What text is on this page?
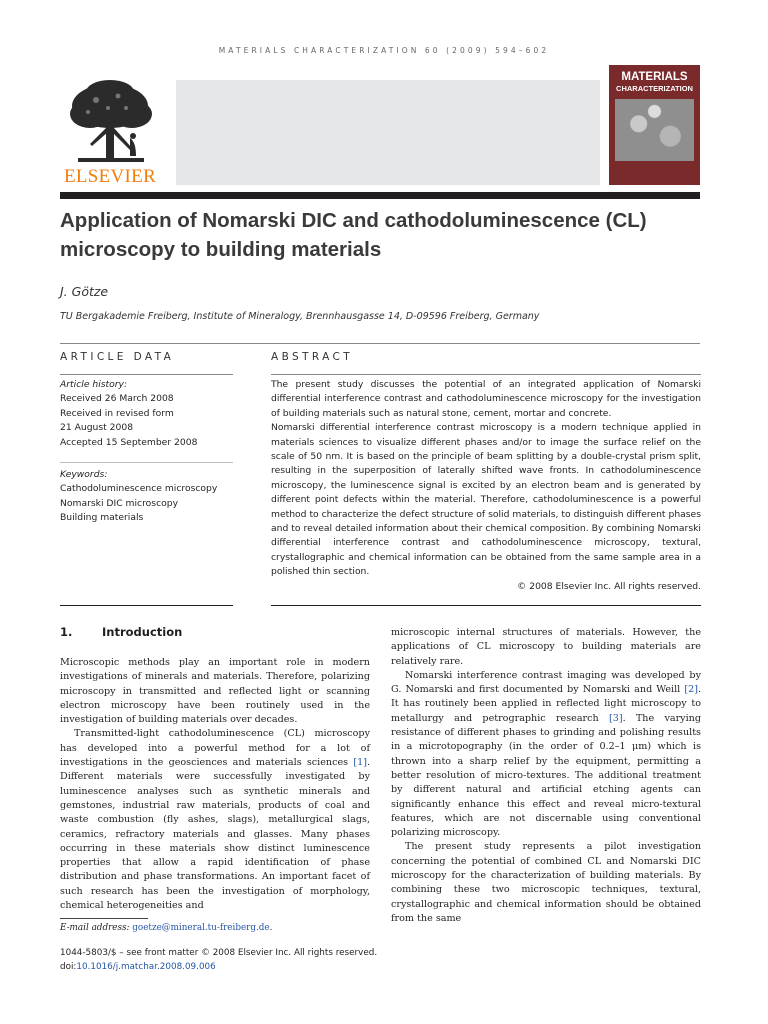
MATERIALS CHARACTERIZATION 60 (2009) 594–602
ELSEVIER
MATERIALS
CHARACTERIZATION
Application of Nomarski DIC and cathodoluminescence (CL) microscopy to building materials
J. Götze
TU Bergakademie Freiberg, Institute of Mineralogy, Brennhausgasse 14, D-09596 Freiberg, Germany
ARTICLE DATA	ABSTRACT
Article history:
Received 26 March 2008
Received in revised form
21 August 2008
Accepted 15 September 2008
Keywords:
Cathodoluminescence microscopy
Nomarski DIC microscopy
Building materials
The present study discusses the potential of an integrated application of Nomarski differential interference contrast and cathodoluminescence microscopy for the investigation of building materials such as natural stone, cement, mortar and concrete.
Nomarski differential interference contrast microscopy is a modern technique applied in materials sciences to visualize different phases and/or to image the surface relief on the scale of 50 nm. It is based on the principle of beam splitting by a double-crystal prism split, resulting in the superposition of laterally shifted wave fronts. In cathodoluminescence microscopy, the luminescence signal is excited by an electron beam and is generated by different point defects within the material. Therefore, cathodoluminescence is a powerful method to characterize the defect structure of solid materials, to distinguish different phases and to reveal detailed information about their chemical composition. By combining Nomarski differential interference contrast and cathodoluminescence microscopy, textural, crystallographic and chemical information can be obtained from the same sample area in a polished thin section.
© 2008 Elsevier Inc. All rights reserved.
1.	Introduction

Microscopic methods play an important role in modern investigations of minerals and materials. Therefore, polarizing microscopy in transmitted and reflected light or scanning electron microscopy have been routinely used in the investigation of building materials over decades.

Transmitted-light cathodoluminescence (CL) microscopy has developed into a powerful method for a lot of investigations in the geosciences and materials sciences [1]. Different materials were successfully investigated by luminescence analyses such as synthetic minerals and gemstones, industrial raw materials, products of coal and waste combustion (fly ashes, slags), metallurgical slags, ceramics, refractory materials and glasses. Many phases occurring in these materials show distinct luminescence properties that allow a rapid identification of phase distribution and phase transformations. An important facet of such research has been the investigation of morphology, chemical heterogeneities and

microscopic internal structures of materials. However, the applications of CL microscopy to building materials are relatively rare.

Nomarski interference contrast imaging was developed by G. Nomarski and first documented by Nomarski and Weill [2]. It has routinely been applied in reflected light microscopy to metallurgy and petrographic research [3]. The varying resistance of different phases to grinding and polishing results in a microtopography (in the order of 0.2–1 μm) which is thrown into a sharp relief by the equipment, permitting a better resolution of micro-textures. The additional treatment by different natural and artificial etching agents can significantly enhance this effect and reveal micro-textural features, which are not discernable using conventional polarizing microscopy.

The present study represents a pilot investigation concerning the potential of combined CL and Nomarski DIC microscopy for the characterization of building materials. By combining these two microscopic techniques, textural, crystallographic and chemical information should be obtained from the same

E-mail address: goetze@mineral.tu-freiberg.de.
1044-5803/$ – see front matter © 2008 Elsevier Inc. All rights reserved.
doi:10.1016/j.matchar.2008.09.006
